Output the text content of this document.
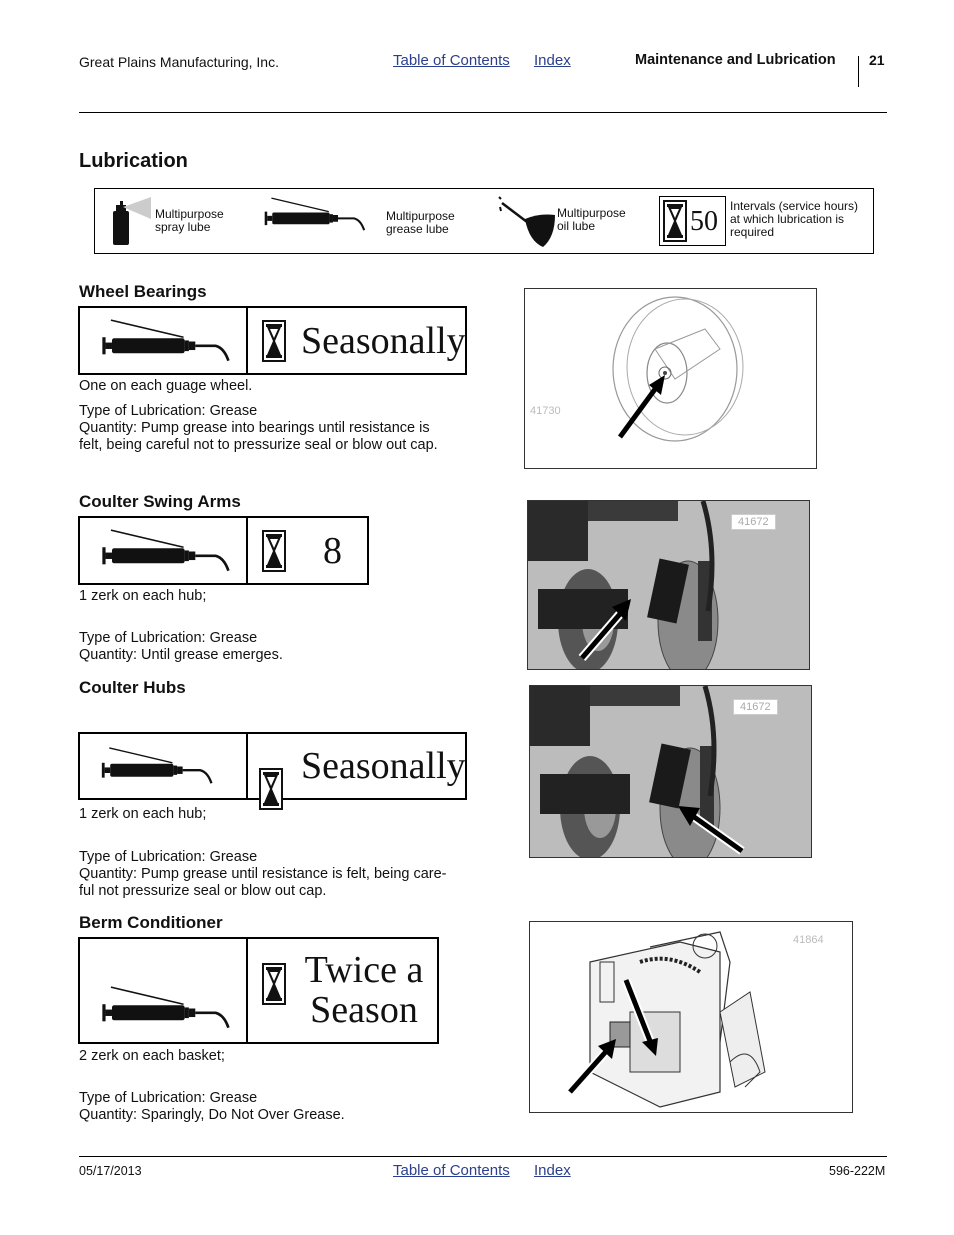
Great Plains Manufacturing, Inc.	Table of Contents Index	Maintenance and Lubrication 21
Lubrication
Multipurpose
spray lube
Multipurpose
grease lube
Multipurpose
oil lube	50 Intervals (service hours)
at which lubrication is
required
Wheel Bearings
Seasonally
One on each guage wheel.
Type of Lubrication: Grease
Quantity: Pump grease into bearings until resistance is
felt, being careful not to pressurize seal or blow out cap.
41730
Coulter Swing Arms
8
1 zerk on each hub;
Type of Lubrication: Grease
Quantity: Until grease emerges.
41672
Coulter Hubs
Seasonally
1 zerk on each hub;
Type of Lubrication: Grease
Quantity: Pump grease until resistance is felt, being care-
ful not pressurize seal or blow out cap.
41672
Berm Conditioner
Twice a
Season
2 zerk on each basket;
Type of Lubrication: Grease
Quantity: Sparingly, Do Not Over Grease.
41864
05/17/2013	Table of Contents Index	596-222M
